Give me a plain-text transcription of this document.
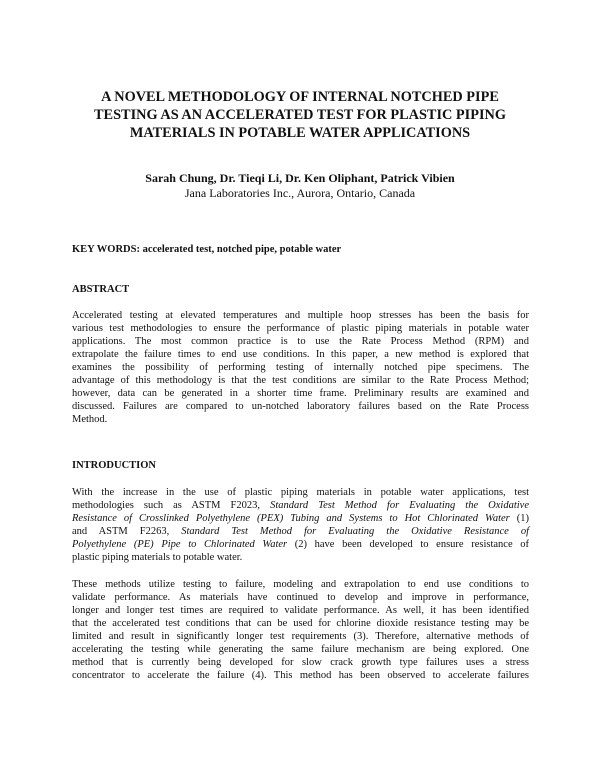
A NOVEL METHODOLOGY OF INTERNAL NOTCHED PIPE
TESTING AS AN ACCELERATED TEST FOR PLASTIC PIPING
MATERIALS IN POTABLE WATER APPLICATIONS
Sarah Chung, Dr. Tieqi Li, Dr. Ken Oliphant, Patrick Vibien
Jana Laboratories Inc., Aurora, Ontario, Canada
KEY WORDS: accelerated test, notched pipe, potable water
ABSTRACT
Accelerated testing at elevated temperatures and multiple hoop stresses has been the basis for
various test methodologies to ensure the performance of plastic piping materials in potable water
applications. The most common practice is to use the Rate Process Method (RPM) and
extrapolate the failure times to end use conditions. In this paper, a new method is explored that
examines the possibility of performing testing of internally notched pipe specimens. The
advantage of this methodology is that the test conditions are similar to the Rate Process Method;
however, data can be generated in a shorter time frame. Preliminary results are examined and
discussed. Failures are compared to un-notched laboratory failures based on the Rate Process
Method.
INTRODUCTION
With the increase in the use of plastic piping materials in potable water applications, test
methodologies such as ASTM F2023, Standard Test Method for Evaluating the Oxidative
Resistance of Crosslinked Polyethylene (PEX) Tubing and Systems to Hot Chlorinated Water (1)
and ASTM F2263, Standard Test Method for Evaluating the Oxidative Resistance of
Polyethylene (PE) Pipe to Chlorinated Water (2) have been developed to ensure resistance of
plastic piping materials to potable water.
These methods utilize testing to failure, modeling and extrapolation to end use conditions to
validate performance. As materials have continued to develop and improve in performance,
longer and longer test times are required to validate performance. As well, it has been identified
that the accelerated test conditions that can be used for chlorine dioxide resistance testing may be
limited and result in significantly longer test requirements (3). Therefore, alternative methods of
accelerating the testing while generating the same failure mechanism are being explored. One
method that is currently being developed for slow crack growth type failures uses a stress
concentrator to accelerate the failure (4). This method has been observed to accelerate failures
